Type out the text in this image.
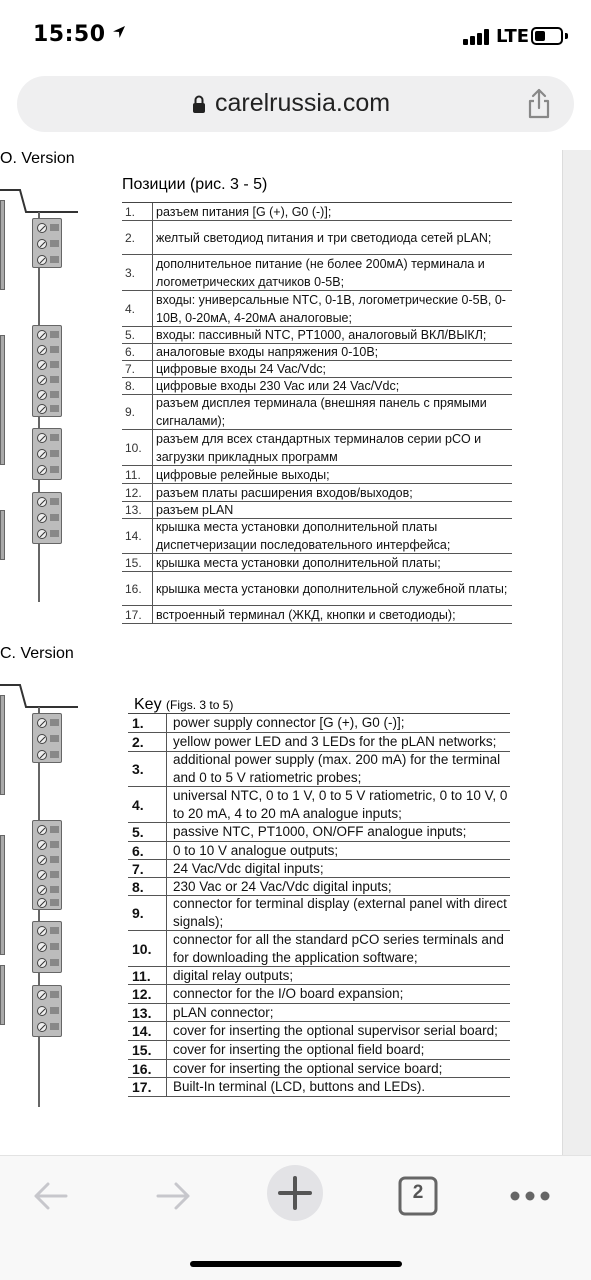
15:50	LTE
carelrussia.com
O. Version
C. Version
Позиции (рис. 3 - 5)
1.	разъем питания [G (+), G0 (-)];
2.	желтый светодиод питания и три светодиода сетей pLAN;
3.
дополнительное питание (не более 200мА) терминала и логометрических датчиков 0-5В;
4.
входы: универсальные NTC, 0-1В, логометрические 0-5В, 0-10В, 0-20мА, 4-20мА аналоговые;
5.	входы: пассивный NTC, PT1000, аналоговый ВКЛ/ВЫКЛ;
6.	аналоговые входы напряжения 0-10В;
7.	цифровые входы 24 Vac/Vdc;
8.	цифровые входы 230 Vac или 24 Vac/Vdc;
9.
разъем дисплея терминала (внешняя панель с прямыми сигналами);
10.
разъем для всех стандартных терминалов серии pCO и загрузки прикладных программ
11.	цифровые релейные выходы;
12.	разъем платы расширения входов/выходов;
13.	разъем pLAN
14.
крышка места установки дополнительной платы диспетчеризации последовательного интерфейса;
15.	крышка места установки дополнительной платы;
16.	крышка места установки дополнительной служебной платы;
17.	встроенный терминал (ЖКД, кнопки и светодиоды);
Key (Figs. 3 to 5)
1.	power supply connector [G (+), G0 (-)];
2.	yellow power LED and 3 LEDs for the pLAN networks;
3.
additional power supply (max. 200 mA) for the terminal and 0 to 5 V ratiometric probes;
4.
universal NTC, 0 to 1 V, 0 to 5 V ratiometric, 0 to 10 V, 0 to 20 mA, 4 to 20 mA analogue inputs;
5.	passive NTC, PT1000, ON/OFF analogue inputs;
6.	0 to 10 V analogue outputs;
7.	24 Vac/Vdc digital inputs;
8.	230 Vac or 24 Vac/Vdc digital inputs;
9.
connector for terminal display (external panel with direct signals);
10.
connector for all the standard pCO series terminals and for downloading the application software;
11.	digital relay outputs;
12.	connector for the I/O board expansion;
13.	pLAN connector;
14.	cover for inserting the optional supervisor serial board;
15.	cover for inserting the optional field board;
16.	cover for inserting the optional service board;
17.	Built-In terminal (LCD, buttons and LEDs).
2
